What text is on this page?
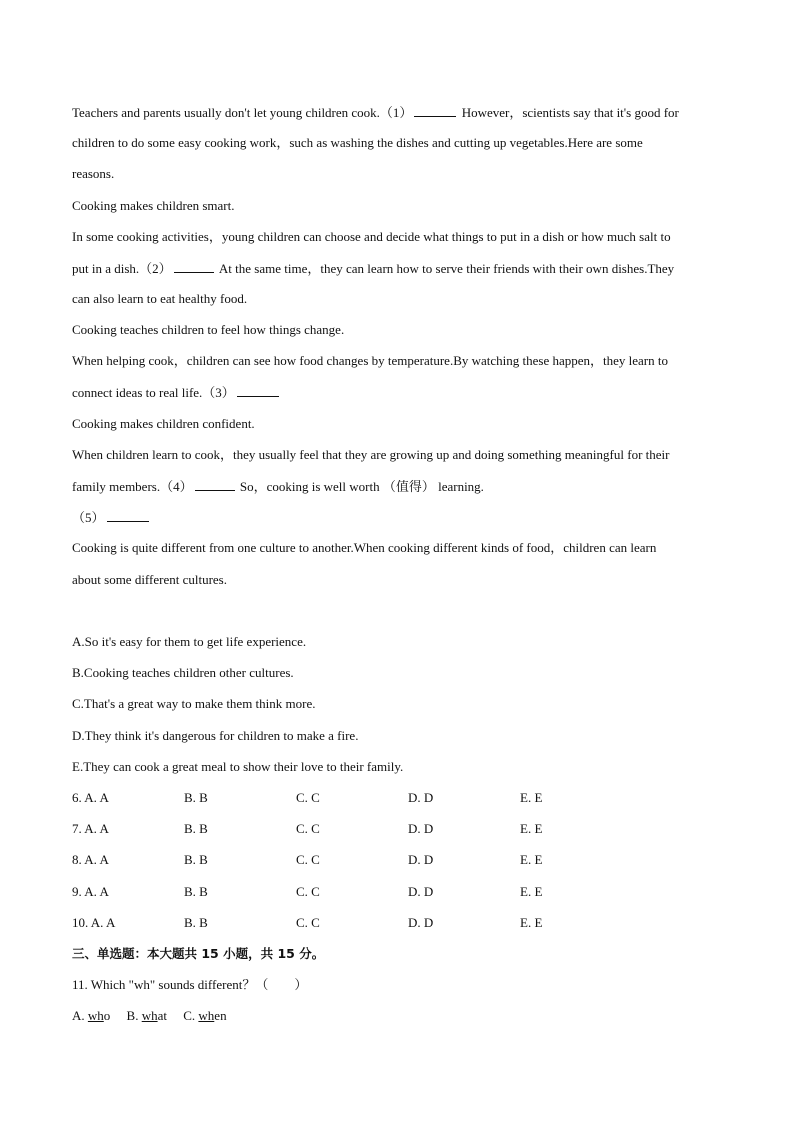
Teachers and parents usually don't let young children cook.（1）	However，scientists say that it's good for
children to do some easy cooking work，such as washing the dishes and cutting up vegetables.Here are some
reasons.
Cooking makes children smart.
In some cooking activities，young children can choose and decide what things to put in a dish or how much salt to
put in a dish.（2）	At the same time，they can learn how to serve their friends with their own dishes.They
can also learn to eat healthy food.
Cooking teaches children to feel how things change.
When helping cook，children can see how food changes by temperature.By watching these happen，they learn to
connect ideas to real life.（3）
Cooking makes children confident.
When children learn to cook，they usually feel that they are growing up and doing something meaningful for their
family members.（4）	So，cooking is well worth （值得） learning.
（5）
Cooking is quite different from one culture to another.When cooking different kinds of food，children can learn
about some different cultures.
A.So it's easy for them to get life experience.
B.Cooking teaches children other cultures.
C.That's a great way to make them think more.
D.They think it's dangerous for children to make a fire.
E.They can cook a great meal to show their love to their family.
6. A. A	B. B	C. C	D. D	E. E
7. A. A	B. B	C. C	D. D	E. E
8. A. A	B. B	C. C	D. D	E. E
9. A. A	B. B	C. C	D. D	E. E
10. A. A	B. B	C. C	D. D	E. E
三、单选题：本大题共 15 小题，共 15 分。
11. Which "wh" sounds different？（　　）
A. who B. what C. when
